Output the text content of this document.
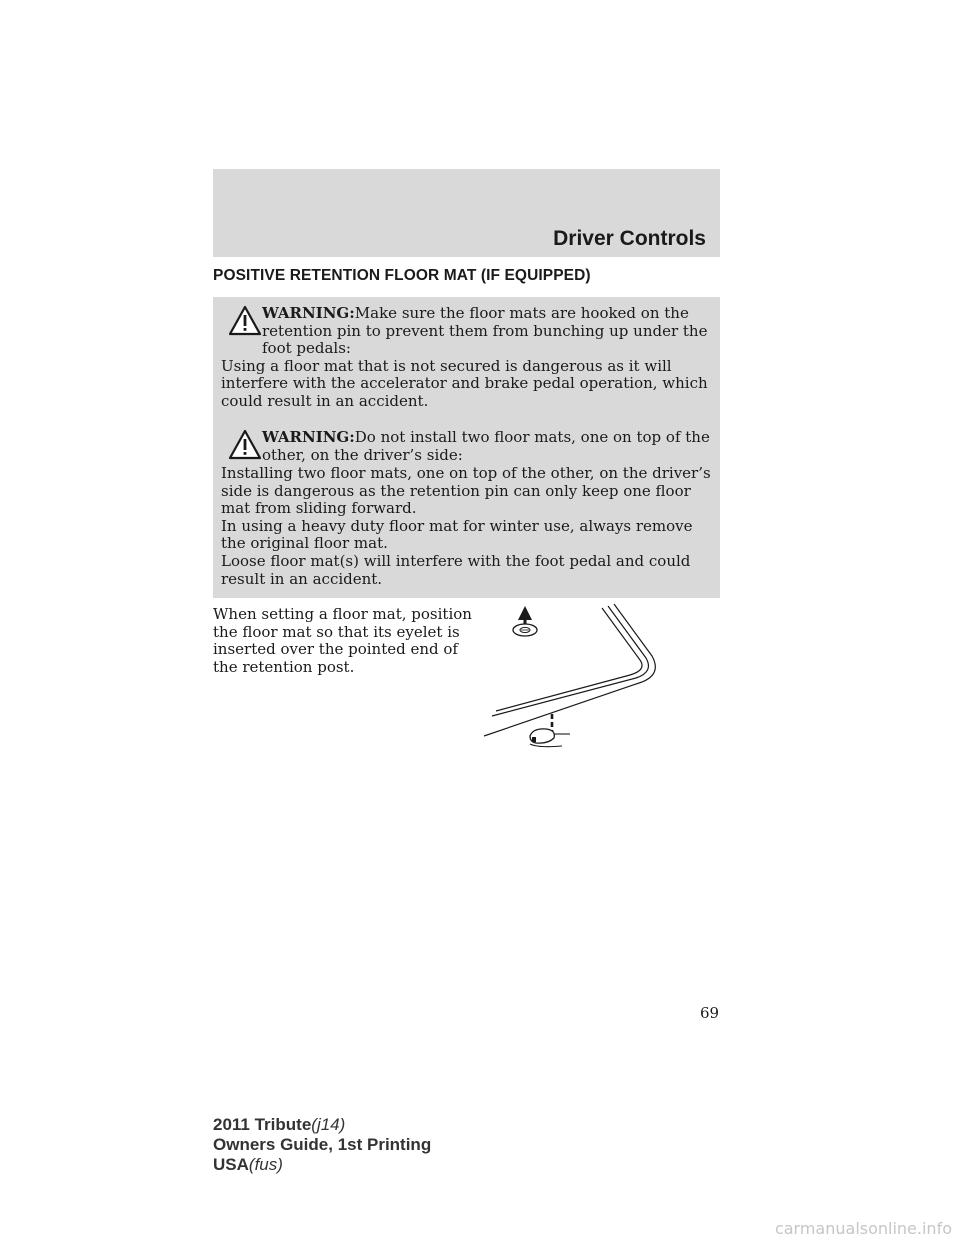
Driver Controls
POSITIVE RETENTION FLOOR MAT (IF EQUIPPED)
WARNING:Make sure the floor mats are hooked on the retention pin to prevent them from bunching up under the foot pedals:

Using a floor mat that is not secured is dangerous as it will interfere with the accelerator and brake pedal operation, which could result in an accident.

WARNING:Do not install two floor mats, one on top of the other, on the driver’s side:

Installing two floor mats, one on top of the other, on the driver’s side is dangerous as the retention pin can only keep one floor mat from sliding forward.

In using a heavy duty floor mat for winter use, always remove the original floor mat.

Loose floor mat(s) will interfere with the foot pedal and could result in an accident.

When setting a floor mat, position the floor mat so that its eyelet is inserted over the pointed end of the retention post.
69
2011 Tribute(j14)
Owners Guide, 1st Printing
USA(fus)
carmanualsonline.info
